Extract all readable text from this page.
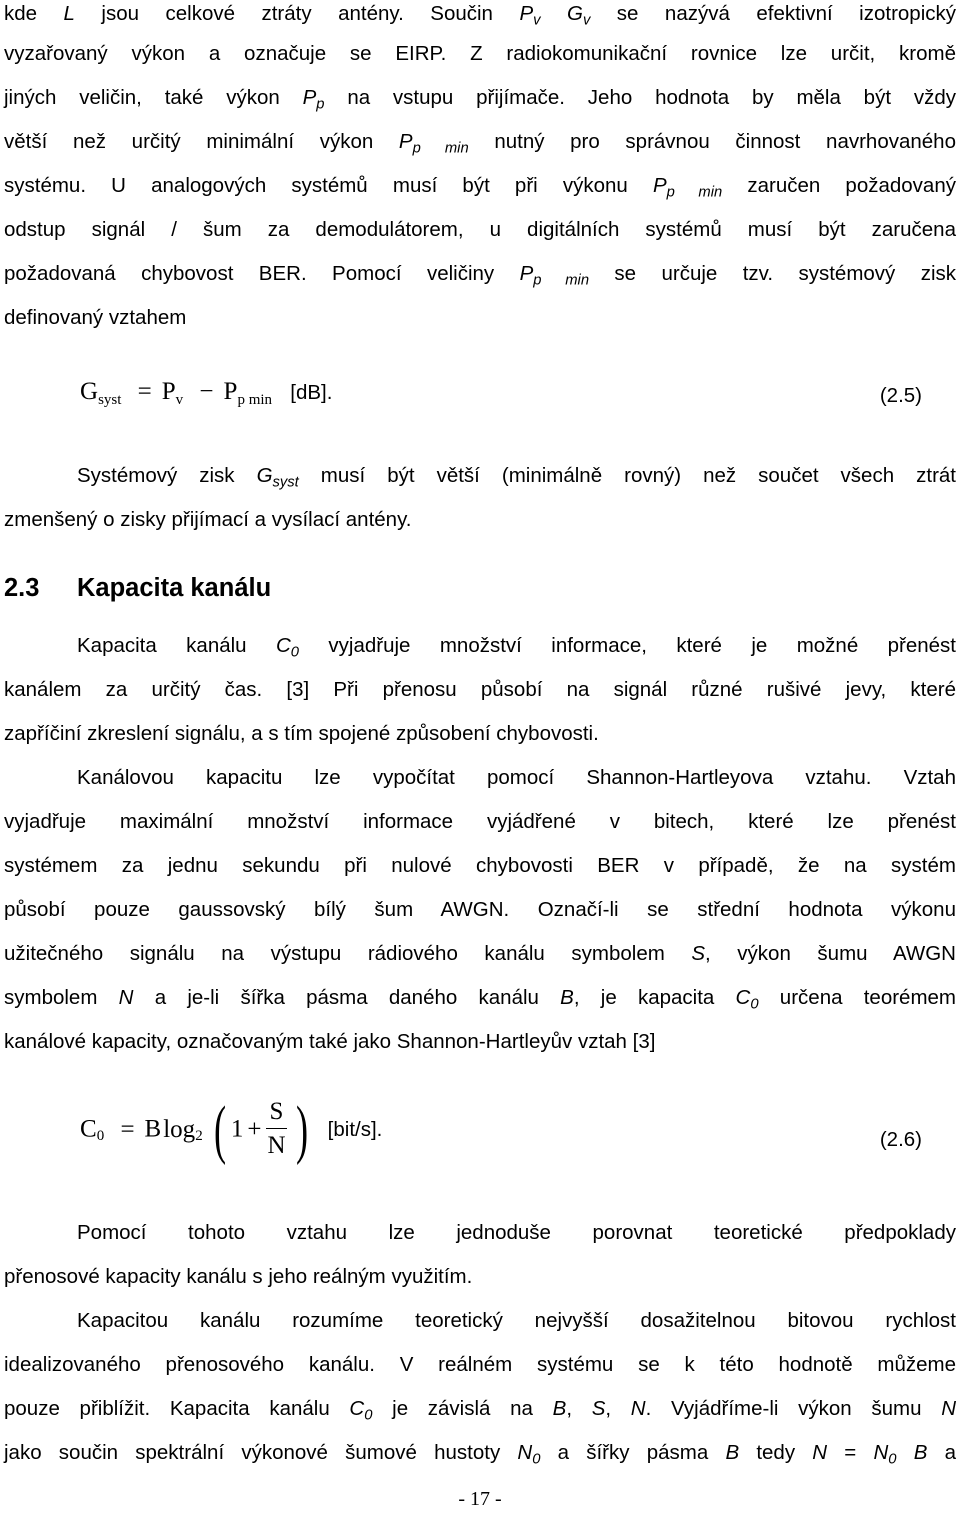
kde L jsou celkové ztráty antény. Součin $P_v$ $G_v$ se nazývá efektivní izotropický
vyzařovaný výkon a označuje se EIRP. Z radiokomunikační rovnice lze určit, kromě
jiných veličin, také výkon $P_p$ na vstupu přijímače. Jeho hodnota by měla být vždy
větší než určitý minimální výkon $P_{p min}$ nutný pro správnou činnost navrhovaného
systému. U analogových systémů musí být při výkonu $P_{p min}$ zaručen požadovaný
odstup signál / šum za demodulátorem, u digitálních systémů musí být zaručena
požadovaná chybovost BER. Pomocí veličiny $P_{p min}$ se určuje tzv. systémový zisk
definovaný vztahem
$G_{syst} = P_v - P_{p min}$ [dB].	(2.5)
Systémový zisk $G_{syst}$ musí být větší (minimálně rovný) než součet všech ztrát
zmenšený o zisky přijímací a vysílací antény.
2.3 Kapacita kanálu
Kapacita kanálu $C_0$ vyjadřuje množství informace, které je možné přenést
kanálem za určitý čas. [3] Při přenosu působí na signál různé rušivé jevy, které
zapříčiní zkreslení signálu, a s tím spojené způsobení chybovosti.
Kanálovou kapacitu lze vypočítat pomocí Shannon-Hartleyova vztahu. Vztah
vyjadřuje maximální množství informace vyjádřené v bitech, které lze přenést
systémem za jednu sekundu při nulové chybovosti BER v případě, že na systém
působí pouze gaussovský bílý šum AWGN. Označí-li se střední hodnota výkonu
užitečného signálu na výstupu rádiového kanálu symbolem S, výkon šumu AWGN
symbolem N a je-li šířka pásma daného kanálu B, je kapacita $C_0$ určena teorémem
kanálové kapacity, označovaným také jako Shannon-Hartleyův vztah [3]
$C_0 = Blog_2$ ( $1 + \frac{S}{N}$ ) [bit/s].	(2.6)
Pomocí tohoto vztahu lze jednoduše porovnat teoretické předpoklady
přenosové kapacity kanálu s jeho reálným využitím.
Kapacitou kanálu rozumíme teoretický nejvyšší dosažitelnou bitovou rychlost
idealizovaného přenosového kanálu. V reálném systému se k této hodnotě můžeme
pouze přiblížit. Kapacita kanálu $C_0$ je závislá na B, S, N. Vyjádříme-li výkon šumu N
jako součin spektrální výkonové šumové hustoty $N_0$ a šířky pásma B tedy $N = N_0$ B a
- 17 -
